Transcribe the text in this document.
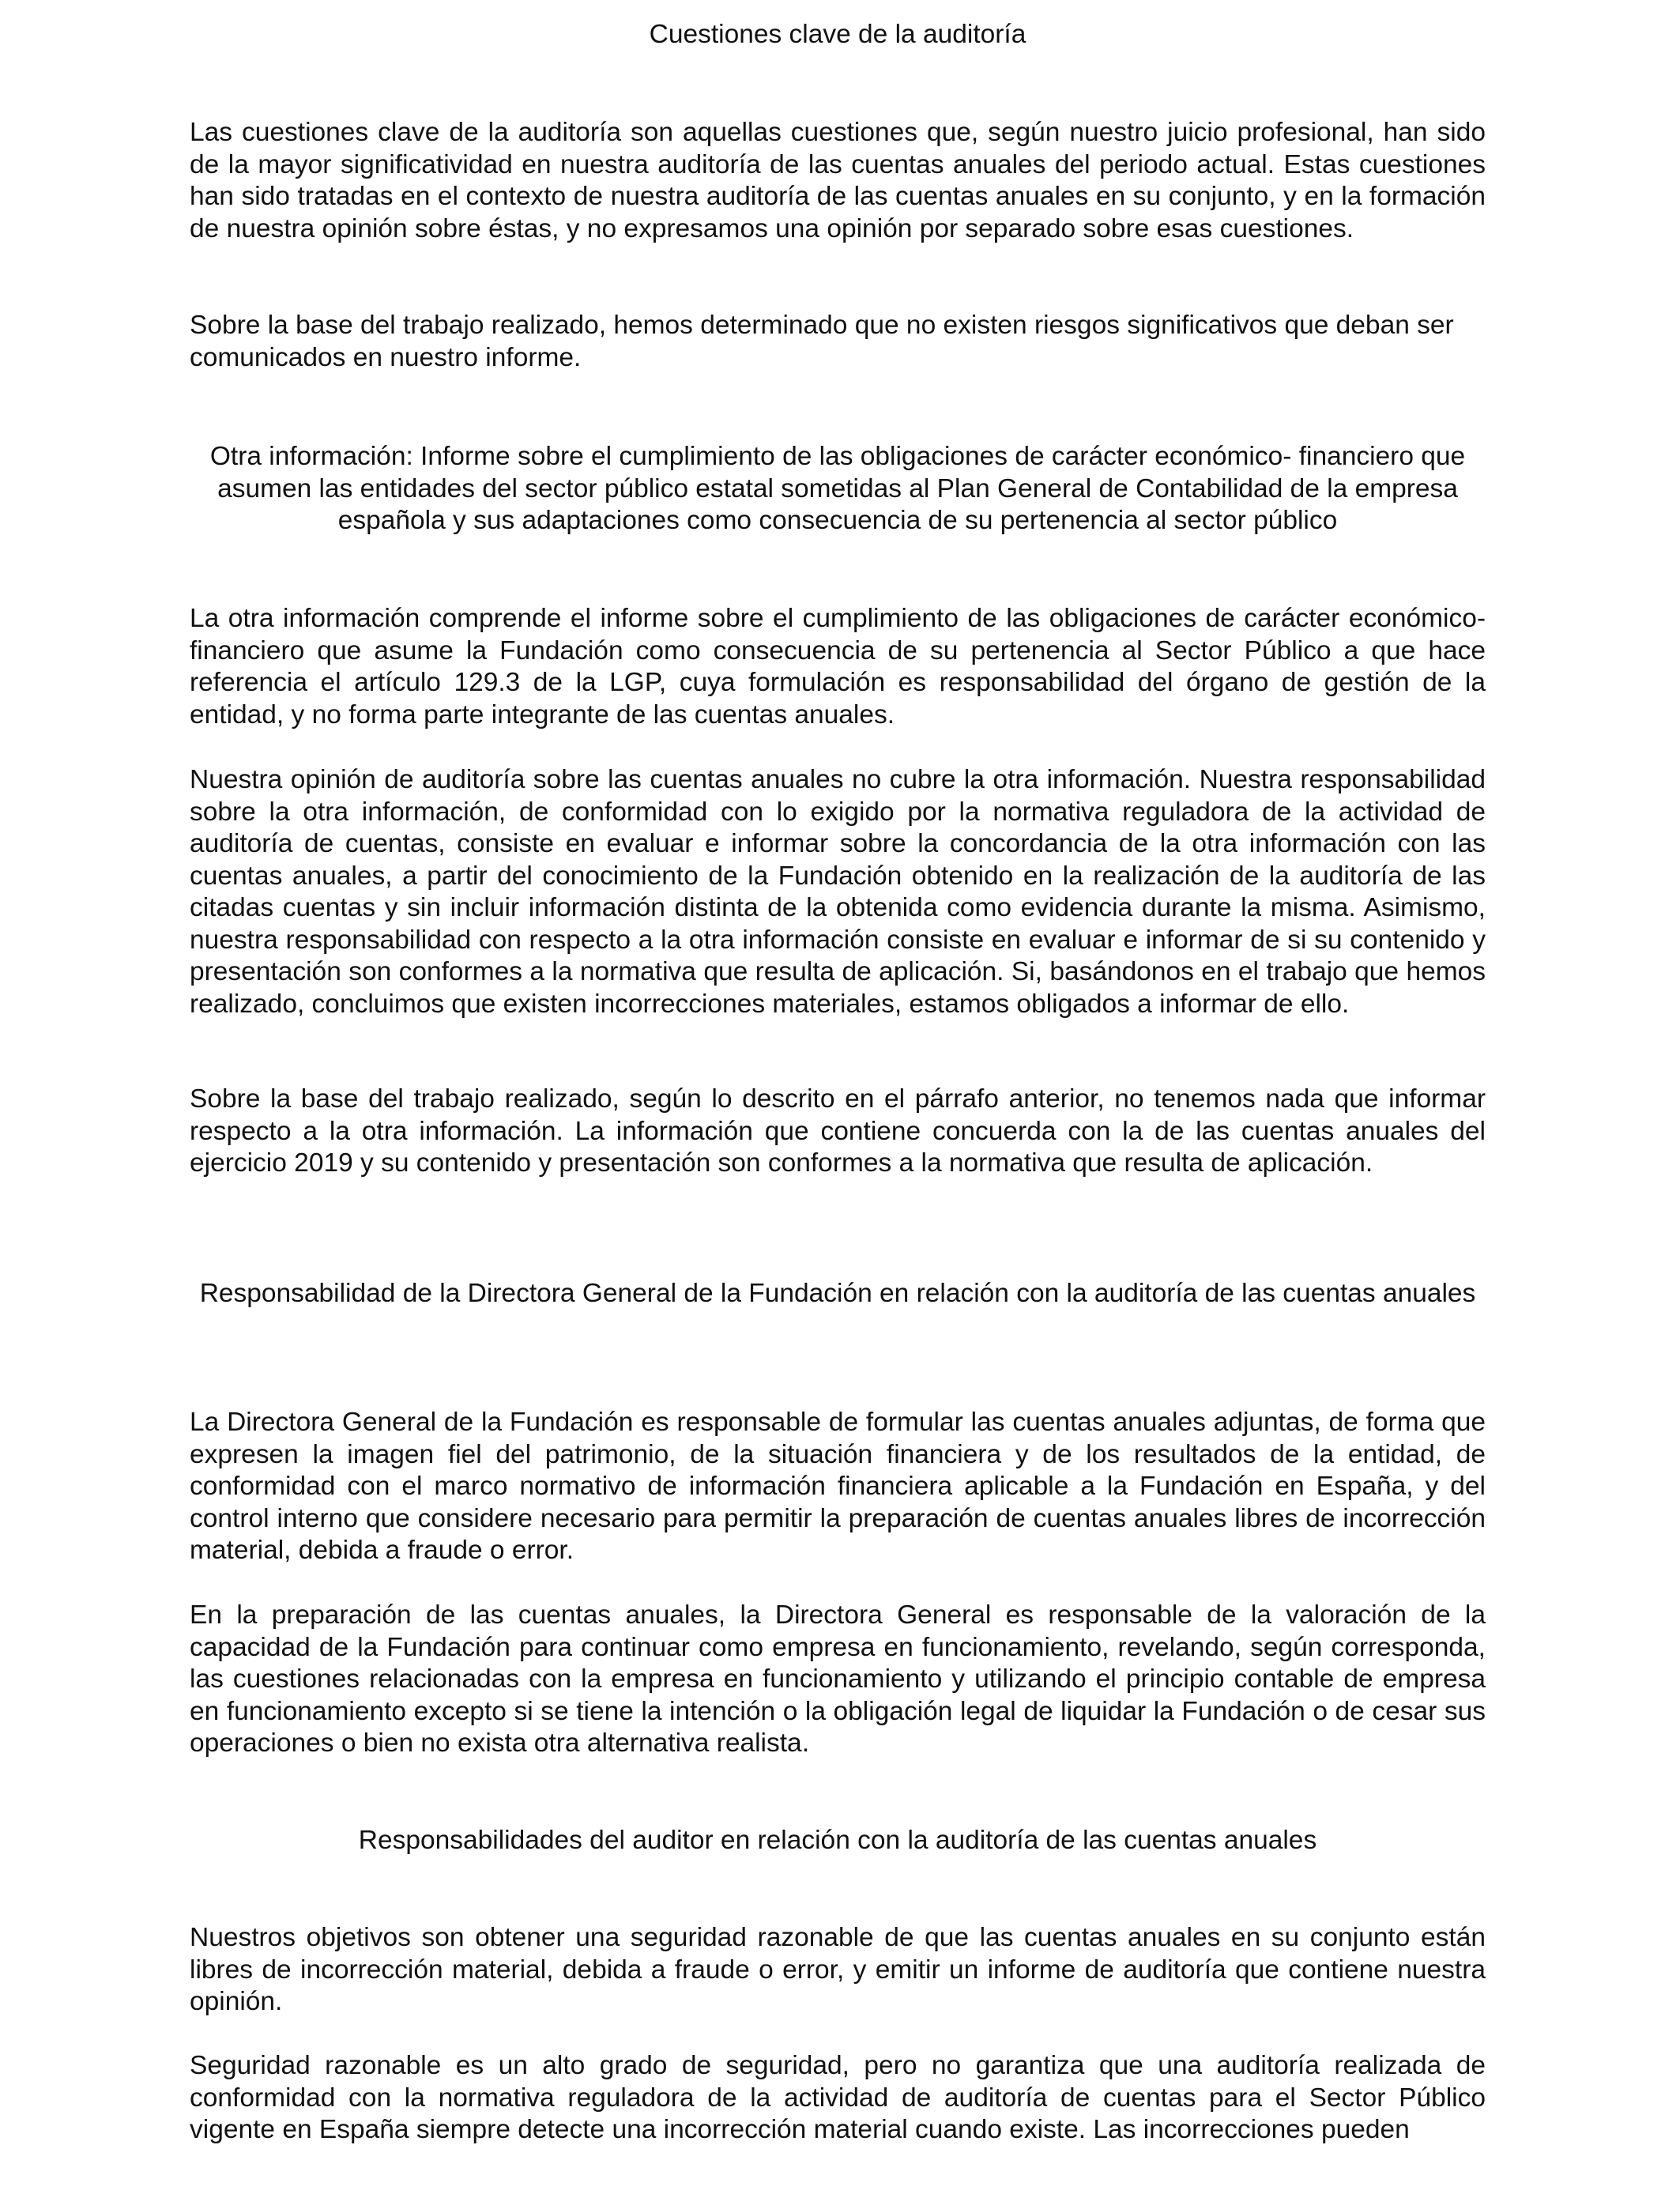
Cuestiones clave de la auditoría

Las cuestiones clave de la auditoría son aquellas cuestiones que, según nuestro juicio profesional, han sido de la mayor significatividad en nuestra auditoría de las cuentas anuales del periodo actual. Estas cuestiones han sido tratadas en el contexto de nuestra auditoría de las cuentas anuales en su conjunto, y en la formación de nuestra opinión sobre éstas, y no expresamos una opinión por separado sobre esas cuestiones.

Sobre la base del trabajo realizado, hemos determinado que no existen riesgos significativos que deban ser comunicados en nuestro informe.

Otra información: Informe sobre el cumplimiento de las obligaciones de carácter económico- financiero que asumen las entidades del sector público estatal sometidas al Plan General de Contabilidad de la empresa española y sus adaptaciones como consecuencia de su pertenencia al sector público

La otra información comprende el informe sobre el cumplimiento de las obligaciones de carácter económico-financiero que asume la Fundación como consecuencia de su pertenencia al Sector Público a que hace referencia el artículo 129.3 de la LGP, cuya formulación es responsabilidad del órgano de gestión de la entidad, y no forma parte integrante de las cuentas anuales.

Nuestra opinión de auditoría sobre las cuentas anuales no cubre la otra información. Nuestra responsabilidad sobre la otra información, de conformidad con lo exigido por la normativa reguladora de la actividad de auditoría de cuentas, consiste en evaluar e informar sobre la concordancia de la otra información con las cuentas anuales, a partir del conocimiento de la Fundación obtenido en la realización de la auditoría de las citadas cuentas y sin incluir información distinta de la obtenida como evidencia durante la misma. Asimismo, nuestra responsabilidad con respecto a la otra información consiste en evaluar e informar de si su contenido y presentación son conformes a la normativa que resulta de aplicación. Si, basándonos en el trabajo que hemos realizado, concluimos que existen incorrecciones materiales, estamos obligados a informar de ello.

Sobre la base del trabajo realizado, según lo descrito en el párrafo anterior, no tenemos nada que informar respecto a la otra información. La información que contiene concuerda con la de las cuentas anuales del ejercicio 2019 y su contenido y presentación son conformes a la normativa que resulta de aplicación.

Responsabilidad de la Directora General de la Fundación en relación con la auditoría de las cuentas anuales

La Directora General de la Fundación es responsable de formular las cuentas anuales adjuntas, de forma que expresen la imagen fiel del patrimonio, de la situación financiera y de los resultados de la entidad, de conformidad con el marco normativo de información financiera aplicable a la Fundación en España, y del control interno que considere necesario para permitir la preparación de cuentas anuales libres de incorrección material, debida a fraude o error.

En la preparación de las cuentas anuales, la Directora General es responsable de la valoración de la capacidad de la Fundación para continuar como empresa en funcionamiento, revelando, según corresponda, las cuestiones relacionadas con la empresa en funcionamiento y utilizando el principio contable de empresa en funcionamiento excepto si se tiene la intención o la obligación legal de liquidar la Fundación o de cesar sus operaciones o bien no exista otra alternativa realista.

Responsabilidades del auditor en relación con la auditoría de las cuentas anuales

Nuestros objetivos son obtener una seguridad razonable de que las cuentas anuales en su conjunto están libres de incorrección material, debida a fraude o error, y emitir un informe de auditoría que contiene nuestra opinión.

Seguridad razonable es un alto grado de seguridad, pero no garantiza que una auditoría realizada de conformidad con la normativa reguladora de la actividad de auditoría de cuentas para el Sector Público vigente en España siempre detecte una incorrección material cuando existe. Las incorrecciones pueden
